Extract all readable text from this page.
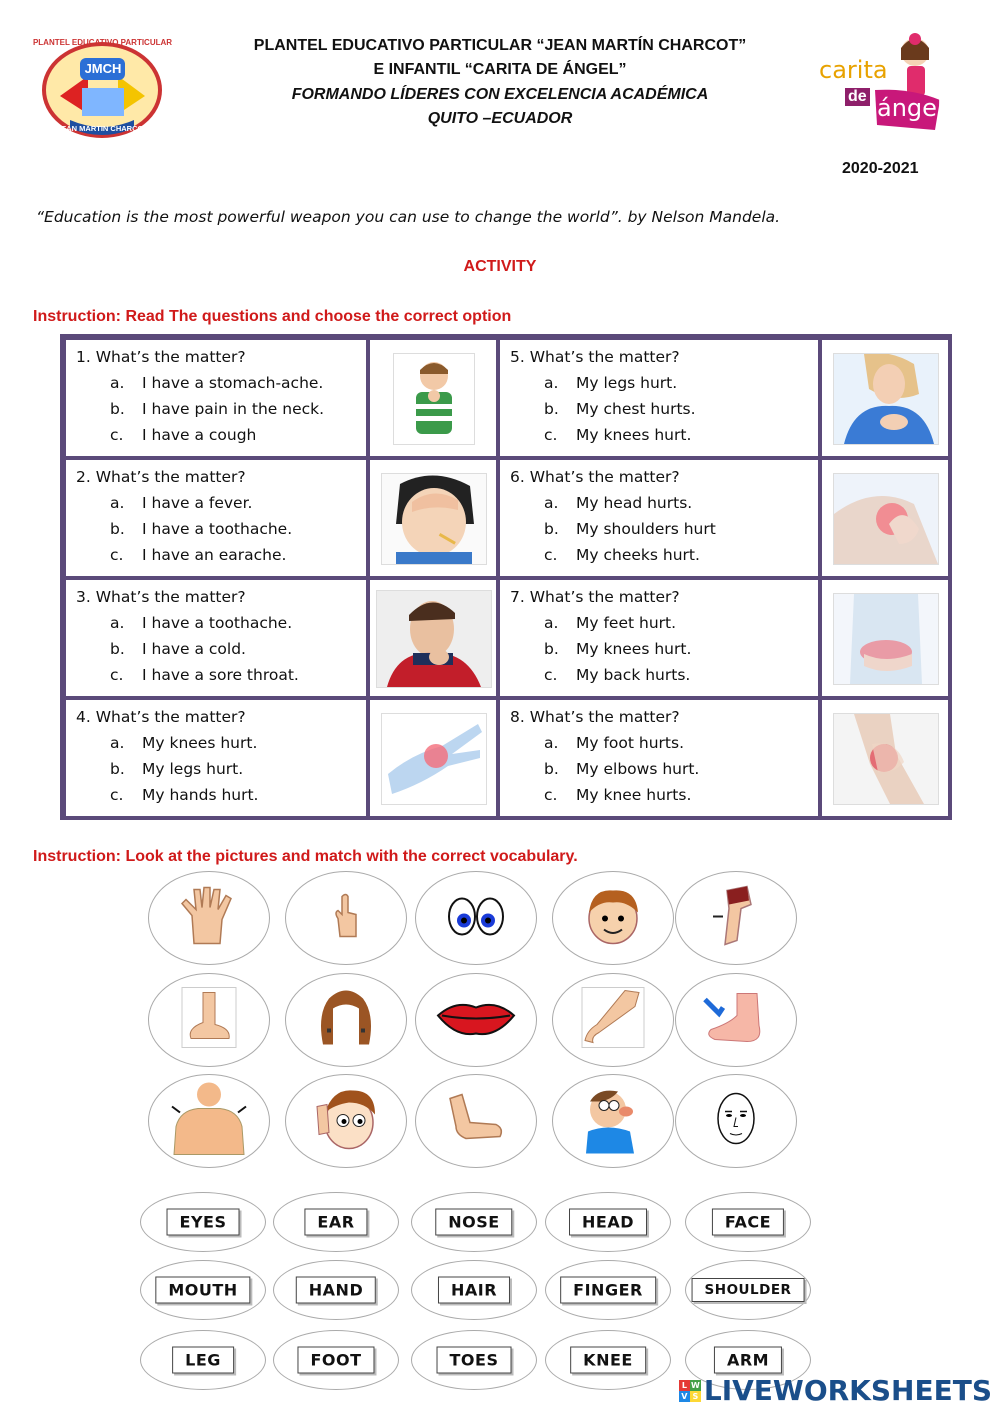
JMCH
PLANTEL EDUCATIVO PARTICULAR
JEAN MARTIN CHARCOT
PLANTEL EDUCATIVO PARTICULAR “JEAN MARTÍN CHARCOT”
E INFANTIL “CARITA DE ÁNGEL”
FORMANDO LÍDERES CON EXCELENCIA ACADÉMICA
QUITO –ECUADOR
carita
de ángel
2020-2021
“Education is the most powerful weapon you can use to change the world”. by Nelson Mandela.
ACTIVITY
Instruction: Read The questions and choose the correct option
1. What’s the matter?
a.	I have a stomach-ache.
b.	I have pain in the neck.
c.	I have a cough
5. What’s the matter?
a.	My legs hurt.
b.	My chest hurts.
c.	My knees hurt.
2. What’s the matter?
a.	I have a fever.
b.	I have a toothache.
c.	I have an earache.
6. What’s the matter?
a.	My head hurts.
b.	My shoulders hurt
c.	My cheeks hurt.
3. What’s the matter?
a.	I have a toothache.
b.	I have a cold.
c.	I have a sore throat.
7. What’s the matter?
a.	My feet hurt.
b.	My knees hurt.
c.	My back hurts.
4. What’s the matter?
a.	My knees hurt.
b.	My legs hurt.
c.	My hands hurt.
8. What’s the matter?
a.	My foot hurts.
b.	My elbows hurt.
c.	My knee hurts.
Instruction: Look at the pictures and match with the correct vocabulary.
EYES	EAR	NOSE	HEAD	FACE
MOUTH	HAND	HAIR	FINGER	SHOULDER
LEG	FOOT	TOES	KNEE	ARM
L W
V S LIVEWORKSHEETS
